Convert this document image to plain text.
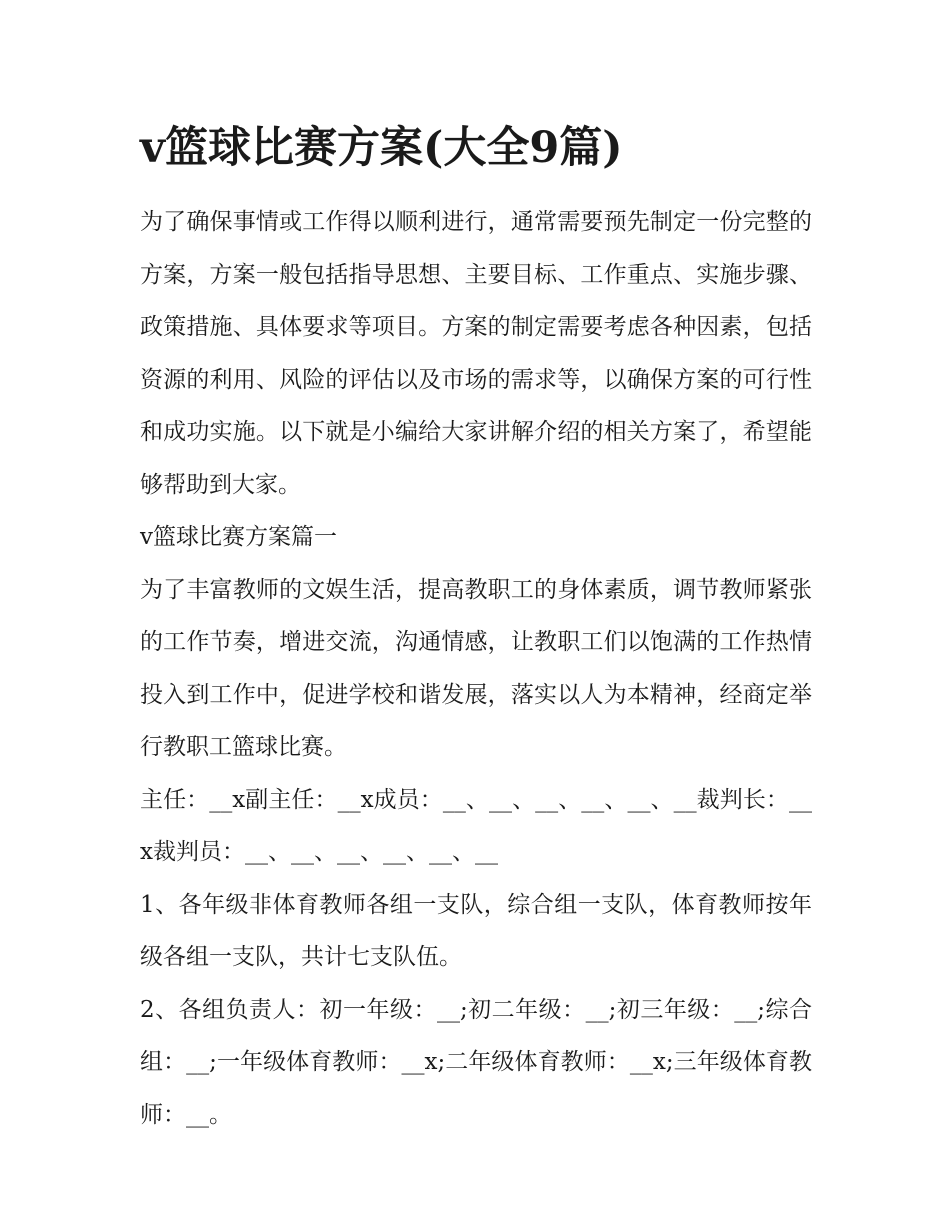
v篮球比赛方案(大全9篇)

为了确保事情或工作得以顺利进行，通常需要预先制定一份完整的方案，方案一般包括指导思想、主要目标、工作重点、实施步骤、政策措施、具体要求等项目。方案的制定需要考虑各种因素，包括资源的利用、风险的评估以及市场的需求等，以确保方案的可行性和成功实施。以下就是小编给大家讲解介绍的相关方案了，希望能够帮助到大家。

v篮球比赛方案篇一

为了丰富教师的文娱生活，提高教职工的身体素质，调节教师紧张的工作节奏，增进交流，沟通情感，让教职工们以饱满的工作热情投入到工作中，促进学校和谐发展，落实以人为本精神，经商定举行教职工篮球比赛。

主任：__x副主任：__x成员：__、__、__、__、__、__裁判长：__x裁判员：__、__、__、__、__、__

1、各年级非体育教师各组一支队，综合组一支队，体育教师按年级各组一支队，共计七支队伍。

2、各组负责人：初一年级：__;初二年级：__;初三年级：__;综合组：__;一年级体育教师：__x;二年级体育教师：__x;三年级体育教师：__。
